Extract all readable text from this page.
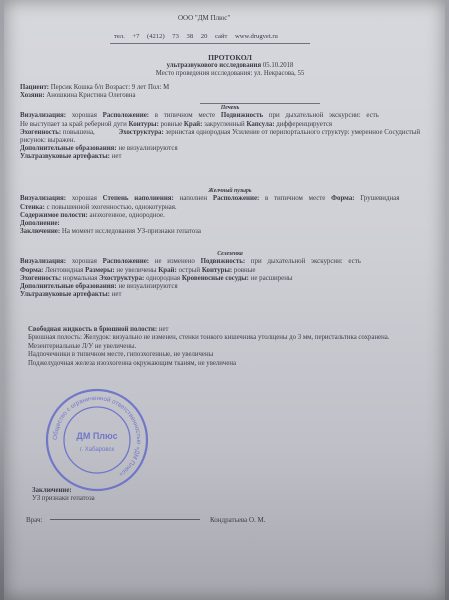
ООО "ДМ Плюс"
тел. +7 (4212) 73 38 20 сайт www.drugvet.ru
ПРОТОКОЛ
ультразвукового исследования 05.10.2018
Место проведения исследования: ул. Некрасова, 55
Пациент: Персик Кошка б/п Возраст: 9 лет Пол: М
Хозяин: Аношкина Кристина Олеговна
Печень

Визуализация: хорошая Расположение: в типичном месте Подвижность при дыхательной экскурсии: есть

Не выступает за край реберной дуги Контуры: ровные Край: закругленный Капсула: дифференцируется

Эхогенность: повышена,	Эхоструктура: зернистая однородная Усиление от перипортального структур: умеренное Сосудистый рисунок: выражен.

Дополнительные образования: не визуализируются

Ультразвуковые артефакты: нет

Желчный пузырь

Визуализация: хорошая Степень наполнения: наполнен Расположение: в типичном месте Форма: Грушевидная

Стенка: с повышенной эхогенностью, однокотурная.

Содержимое полости: анэхогенное, однородное.

Дополнение:

Заключение: На момент исследования УЗ-признаки гепатоза

Селезенка

Визуализация: хорошая Расположение: не изменено Подвижность: при дыхательной экскурсии: есть

Форма: Лентовидная Размеры: не увеличены Край: острый Контуры: ровные

Эхогенность: нормальная Эхоструктура: однородная Кровеносные сосуды: не расширены

Дополнительные образования: не визуализируются

Ультразвуковые артефакты: нет

Свободная жидкость в брюшной полости: нет

Брюшная полость: Желудок: визуально не изменен, стенки тонкого кишечника утолщены до 3 мм, перистальтика сохранена.

Мезентериальные Л/У не увеличены.

Надпочечники в типичном месте, гипоэхогенные, не увеличены

Поджелудочная железа изоэхогенна окружающим тканям, не увеличена

Заключение:
УЗ признаки гепатоза
Врач:	Кондратьева О. М.
Общество с ограниченной ответственностью «ДМ Плюс»
ДМ Плюс
г. Хабаровск
